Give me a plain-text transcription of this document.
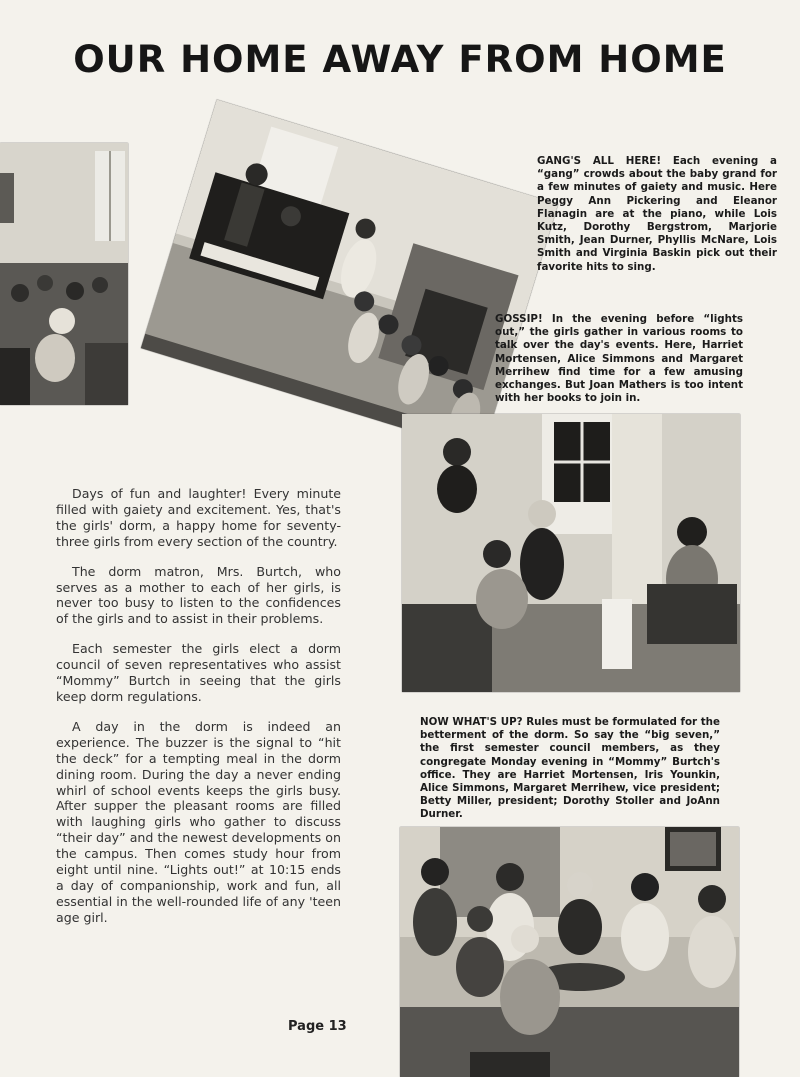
OUR HOME AWAY FROM HOME
GANG'S ALL HERE! Each evening a “gang” crowds about the baby grand for a few minutes of gaiety and music. Here Peggy Ann Pickering and Eleanor Flanagin are at the piano, while Lois Kutz, Dorothy Bergstrom, Marjorie Smith, Jean Durner, Phyllis McNare, Lois Smith and Virginia Baskin pick out their favorite hits to sing.
GOSSIP! In the evening before “lights out,” the girls gather in various rooms to talk over the day's events. Here, Harriet Mortensen, Alice Simmons and Margaret Merrihew find time for a few amusing exchanges. But Joan Mathers is too intent with her books to join in.

Days of fun and laughter! Every minute filled with gaiety and excitement. Yes, that's the girls' dorm, a happy home for seventy-three girls from every section of the country.

The dorm matron, Mrs. Burtch, who serves as a mother to each of her girls, is never too busy to listen to the confidences of the girls and to assist in their problems.

Each semester the girls elect a dorm council of seven representatives who assist “Mommy” Burtch in seeing that the girls keep dorm regulations.

A day in the dorm is indeed an experience. The buzzer is the signal to “hit the deck” for a tempting meal in the dorm dining room. During the day a never ending whirl of school events keeps the girls busy. After supper the pleasant rooms are filled with laughing girls who gather to discuss “their day” and the newest developments on the campus. Then comes study hour from eight until nine. “Lights out!” at 10:15 ends a day of companionship, work and fun, all essential in the well-rounded life of any 'teen age girl.

NOW WHAT'S UP? Rules must be formulated for the betterment of the dorm. So say the “big seven,” the first semester council members, as they congregate Monday evening in “Mommy” Burtch's office. They are Harriet Mortensen, Iris Younkin, Alice Simmons, Margaret Merrihew, vice president; Betty Miller, president; Dorothy Stoller and JoAnn Durner.
Page 13
